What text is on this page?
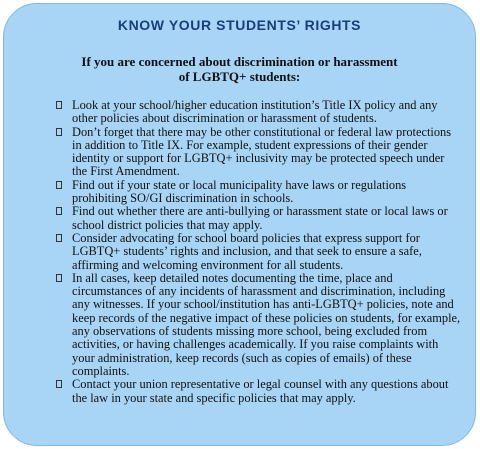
KNOW YOUR STUDENTS’ RIGHTS

If you are concerned about discrimination or harassment
of LGBTQ+ students:

Look at your school/higher education institution’s Title IX policy and any other policies about discrimination or harassment of students.
Don’t forget that there may be other constitutional or federal law protections in addition to Title IX. For example, student expressions of their gender identity or support for LGBTQ+ inclusivity may be protected speech under the First Amendment.
Find out if your state or local municipality have laws or regulations prohibiting SO/GI discrimination in schools.
Find out whether there are anti-bullying or harassment state or local laws or school district policies that may apply.
Consider advocating for school board policies that express support for LGBTQ+ students’ rights and inclusion, and that seek to ensure a safe, affirming and welcoming environment for all students.
In all cases, keep detailed notes documenting the time, place and circumstances of any incidents of harassment and discrimination, including any witnesses. If your school/institution has anti-LGBTQ+ policies, note and keep records of the negative impact of these policies on students, for example, any observations of students missing more school, being excluded from activities, or having challenges academically. If you raise complaints with your administration, keep records (such as copies of emails) of these complaints.
Contact your union representative or legal counsel with any questions about the law in your state and specific policies that may apply.
